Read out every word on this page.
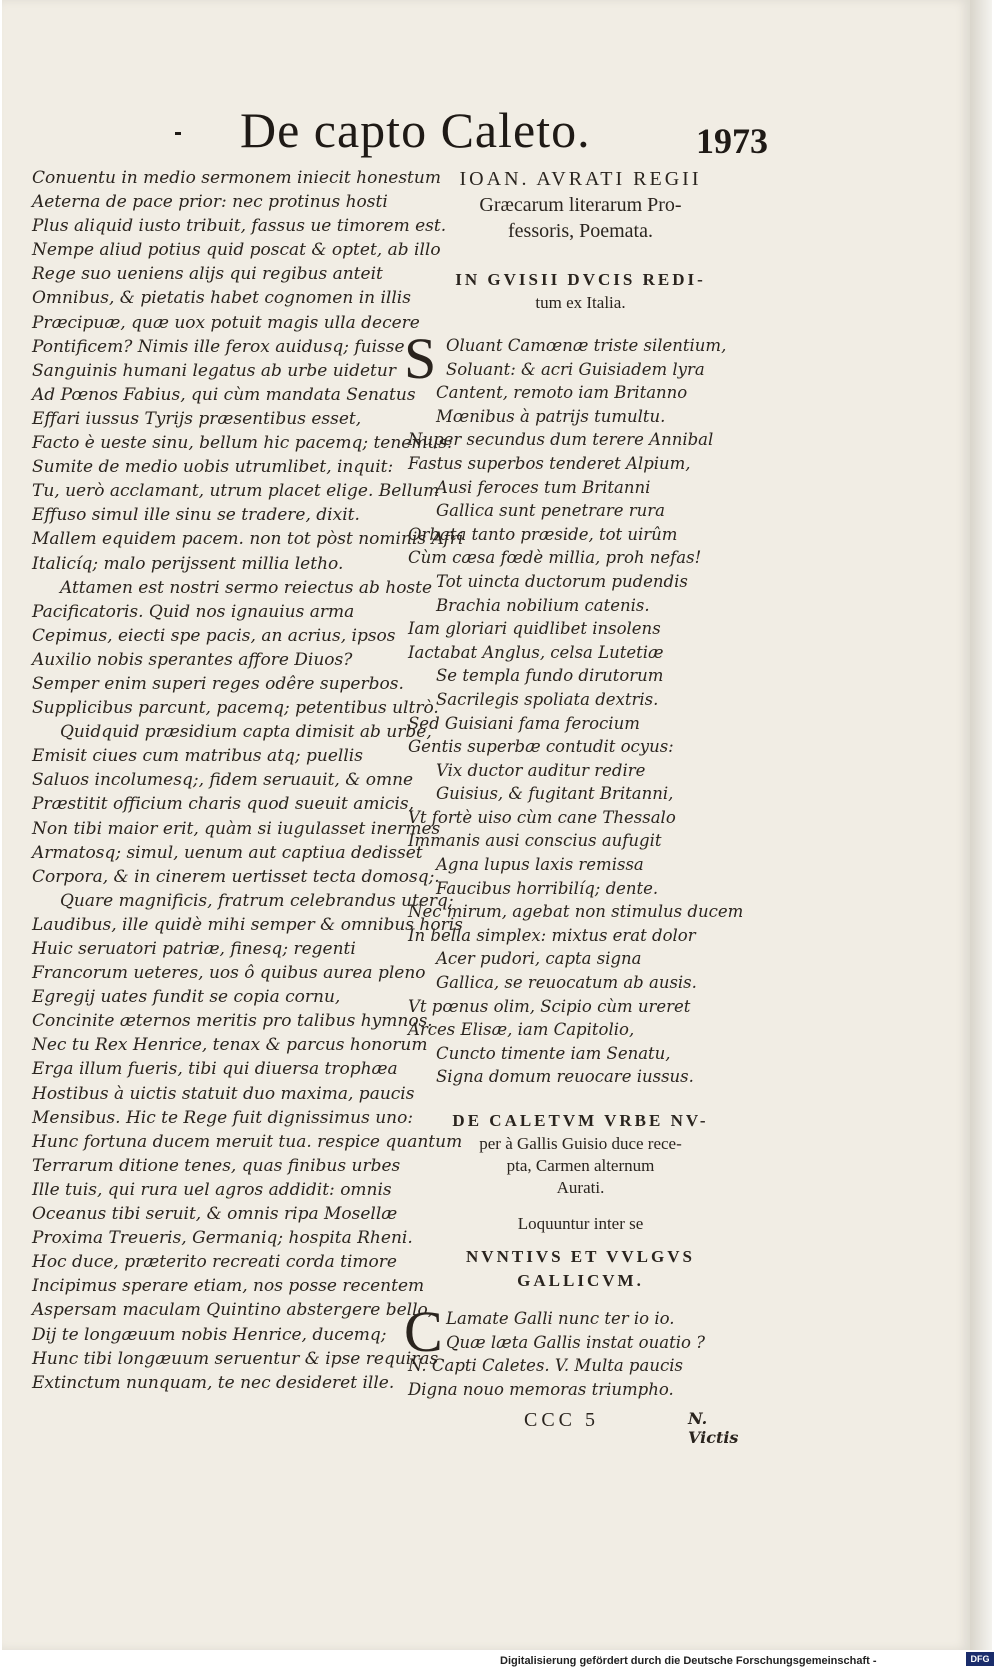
De capto Caleto.	1973
Conuentu in medio sermonem iniecit honestum
Aeterna de pace prior: nec protinus hosti
Plus aliquid iusto tribuit, fassus ue timorem est.
Nempe aliud potius quid poscat & optet, ab illo
Rege suo ueniens alijs qui regibus anteit
Omnibus, & pietatis habet cognomen in illis
Præcipuæ, quæ uox potuit magis ulla decere
Pontificem? Nimis ille ferox auidusq; fuisse
Sanguinis humani legatus ab urbe uidetur
Ad Pœnos Fabius, qui cùm mandata Senatus
Effari iussus Tyrijs præsentibus esset,
Facto è ueste sinu, bellum hic pacemq; tenemus:
Sumite de medio uobis utrumlibet, inquit:
Tu, uerò acclamant, utrum placet elige. Bellum
Effuso simul ille sinu se tradere, dixit.
Mallem equidem pacem. non tot pòst nominis Afri
Italicíq; malo perijssent millia letho.
Attamen est nostri sermo reiectus ab hoste
Pacificatoris. Quid nos ignauius arma
Cepimus, eiecti spe pacis, an acrius, ipsos
Auxilio nobis sperantes affore Diuos?
Semper enim superi reges odêre superbos.
Supplicibus parcunt, pacemq; petentibus ultrò.
Quidquid præsidium capta dimisit ab urbe,
Emisit ciues cum matribus atq; puellis
Saluos incolumesq;, fidem seruauit, & omne
Præstitit officium charis quod sueuit amicis,
Non tibi maior erit, quàm si iugulasset inermes
Armatosq; simul, uenum aut captiua dedisset
Corpora, & in cinerem uertisset tecta domosq;.
Quare magnificis, fratrum celebrandus uterq;
Laudibus, ille quidè mihi semper & omnibus horis
Huic seruatori patriæ, finesq; regenti
Francorum ueteres, uos ô quibus aurea pleno
Egregij uates fundit se copia cornu,
Concinite æternos meritis pro talibus hymnos.
Nec tu Rex Henrice, tenax & parcus honorum
Erga illum fueris, tibi qui diuersa trophæa
Hostibus à uictis statuit duo maxima, paucis
Mensibus. Hic te Rege fuit dignissimus uno:
Hunc fortuna ducem meruit tua. respice quantum
Terrarum ditione tenes, quas finibus urbes
Ille tuis, qui rura uel agros addidit: omnis
Oceanus tibi seruit, & omnis ripa Mosellæ
Proxima Treueris, Germaniq; hospita Rheni.
Hoc duce, præterito recreati corda timore
Incipimus sperare etiam, nos posse recentem
Aspersam maculam Quintino abstergere bello,
Dij te longæuum nobis Henrice, ducemq;
Hunc tibi longæuum seruentur & ipse requiras
Extinctum nunquam, te nec desideret ille.
IOAN. AVRATI REGII
Græcarum literarum Pro-
fessoris, Poemata.
IN GVISII DVCIS REDI-
tum ex Italia.
S Oluant Camœnæ triste silentium,
Soluant: & acri Guisiadem lyra
Cantent, remoto iam Britanno
Mœnibus à patrijs tumultu.
Nuper secundus dum terere Annibal
Fastus superbos tenderet Alpium,
Ausi feroces tum Britanni
Gallica sunt penetrare rura
Orbata tanto præside, tot uirûm
Cùm cæsa fœdè millia, proh nefas!
Tot uincta ductorum pudendis
Brachia nobilium catenis.
Iam gloriari quidlibet insolens
Iactabat Anglus, celsa Lutetiæ
Se templa fundo dirutorum
Sacrilegis spoliata dextris.
Sed Guisiani fama ferocium
Gentis superbæ contudit ocyus:
Vix ductor auditur redire
Guisius, & fugitant Britanni,
Vt fortè uiso cùm cane Thessalo
Immanis ausi conscius aufugit
Agna lupus laxis remissa
Faucibus horribilíq; dente.
Nec mirum, agebat non stimulus ducem
In bella simplex: mixtus erat dolor
Acer pudori, capta signa
Gallica, se reuocatum ab ausis.
Vt pœnus olim, Scipio cùm ureret
Arces Elisæ, iam Capitolio,
Cuncto timente iam Senatu,
Signa domum reuocare iussus.
DE CALETVM VRBE NV-
per à Gallis Guisio duce rece-
pta, Carmen alternum
Aurati.
Loquuntur inter se
NVNTIVS ET VVLGVS
GALLICVM.
C Lamate Galli nunc ter io io.
Quæ læta Gallis instat ouatio ?
N. Capti Caletes. V. Multa paucis
Digna nouo memoras triumpho.
CCC 5	N. Victis
Digitalisierung gefördert durch die Deutsche Forschungsgemeinschaft -	DFG
